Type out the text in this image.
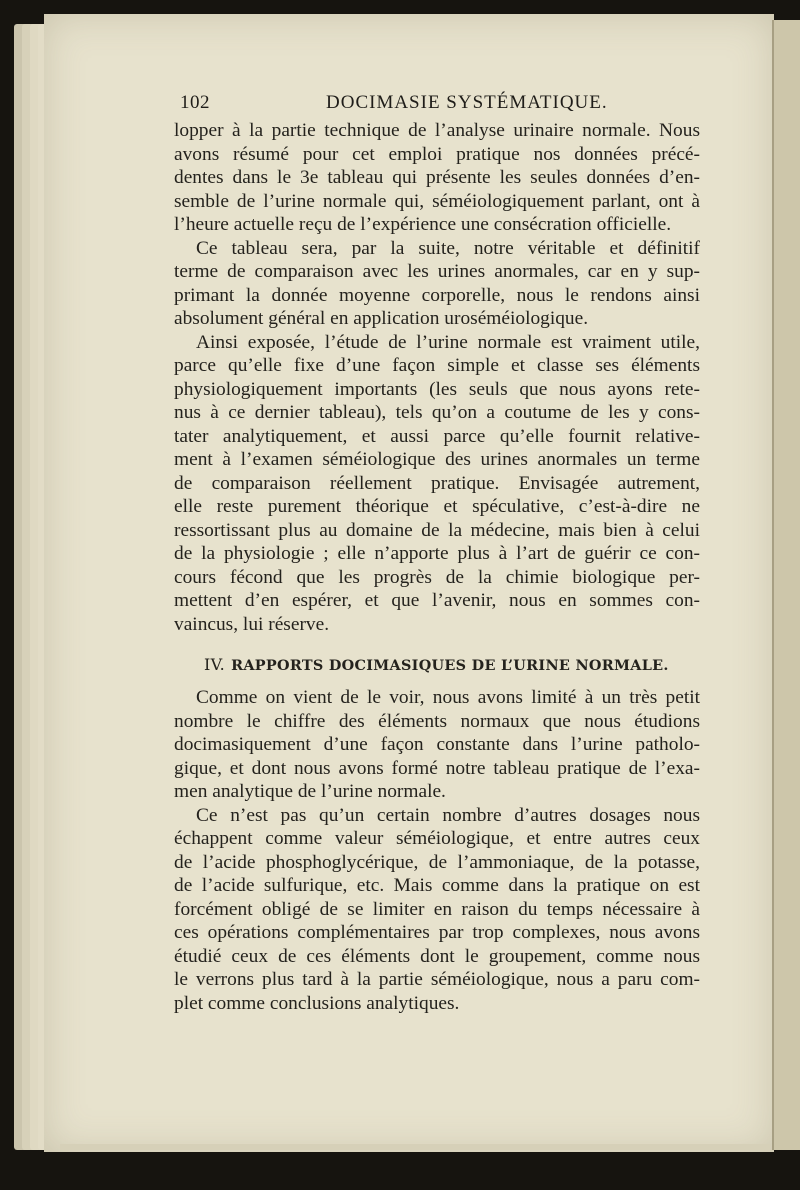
102	DOCIMASIE SYSTÉMATIQUE.
lopper à la partie technique de l’analyse urinaire normale. Nous
avons résumé pour cet emploi pratique nos données précé-
dentes dans le 3e tableau qui présente les seules données d’en-
semble de l’urine normale qui, séméiologiquement parlant, ont à
l’heure actuelle reçu de l’expérience une consécration officielle.
Ce tableau sera, par la suite, notre véritable et définitif
terme de comparaison avec les urines anormales, car en y sup-
primant la donnée moyenne corporelle, nous le rendons ainsi
absolument général en application uroséméiologique.
Ainsi exposée, l’étude de l’urine normale est vraiment utile,
parce qu’elle fixe d’une façon simple et classe ses éléments
physiologiquement importants (les seuls que nous ayons rete-
nus à ce dernier tableau), tels qu’on a coutume de les y cons-
tater analytiquement, et aussi parce qu’elle fournit relative-
ment à l’examen séméiologique des urines anormales un terme
de comparaison réellement pratique. Envisagée autrement,
elle reste purement théorique et spéculative, c’est-à-dire ne
ressortissant plus au domaine de la médecine, mais bien à celui
de la physiologie ; elle n’apporte plus à l’art de guérir ce con-
cours fécond que les progrès de la chimie biologique per-
mettent d’en espérer, et que l’avenir, nous en sommes con-
vaincus, lui réserve.
IV. RAPPORTS DOCIMASIQUES DE L’URINE NORMALE.
Comme on vient de le voir, nous avons limité à un très petit
nombre le chiffre des éléments normaux que nous étudions
docimasiquement d’une façon constante dans l’urine patholo-
gique, et dont nous avons formé notre tableau pratique de l’exa-
men analytique de l’urine normale.
Ce n’est pas qu’un certain nombre d’autres dosages nous
échappent comme valeur séméiologique, et entre autres ceux
de l’acide phosphoglycérique, de l’ammoniaque, de la potasse,
de l’acide sulfurique, etc. Mais comme dans la pratique on est
forcément obligé de se limiter en raison du temps nécessaire à
ces opérations complémentaires par trop complexes, nous avons
étudié ceux de ces éléments dont le groupement, comme nous
le verrons plus tard à la partie séméiologique, nous a paru com-
plet comme conclusions analytiques.
